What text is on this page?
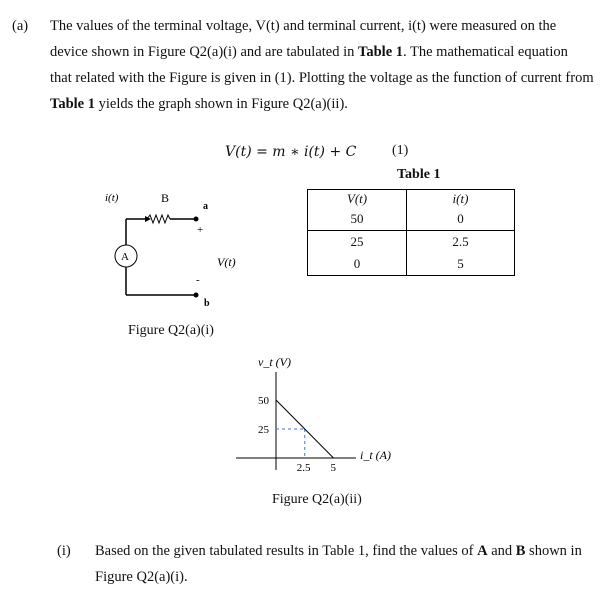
(a) The values of the terminal voltage, V(t) and terminal current, i(t) were measured on the
device shown in Figure Q2(a)(i) and are tabulated in Table 1. The mathematical equation
that related with the Figure is given in (1). Plotting the voltage as the function of current from
Table 1 yields the graph shown in Figure Q2(a)(ii).
V(t) = m ∗ i(t) + C	(1)
Table 1
V(t)	i(t)
50	0
25	2.5
0	5
i(t)	B
a
+
A
-
b
V(t)
Figure Q2(a)(i)
v_t (V)
i_t (A)
50
25
2.5 5
Figure Q2(a)(ii)
(i) Based on the given tabulated results in Table 1, find the values of A and B shown in
Figure Q2(a)(i).
